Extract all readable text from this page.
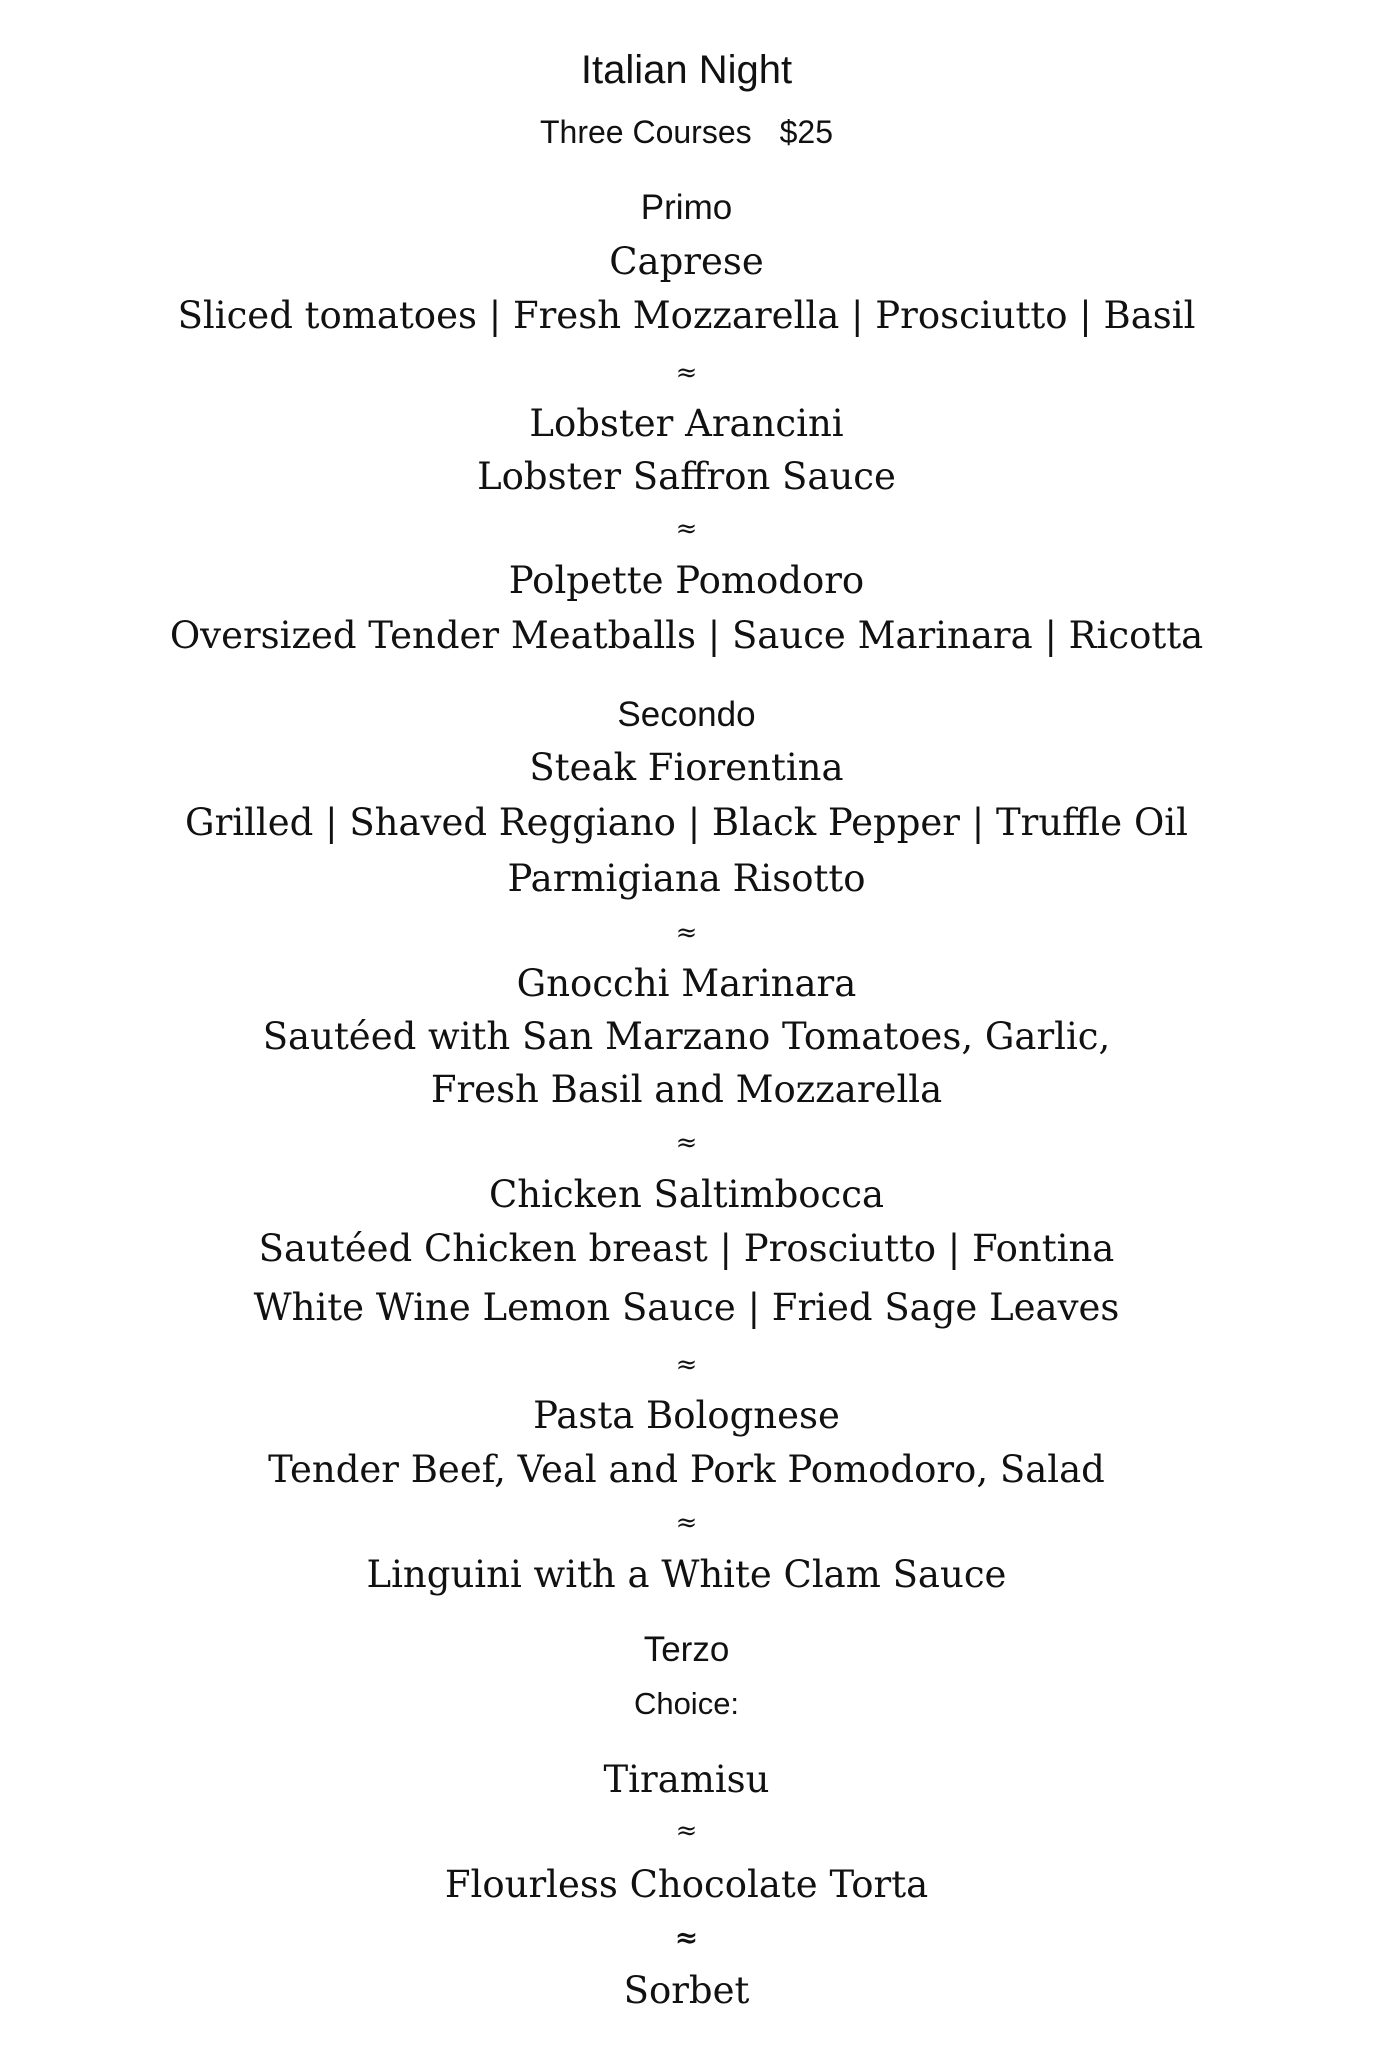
Italian Night
Three Courses $25
Primo
Caprese
Sliced tomatoes | Fresh Mozzarella | Prosciutto | Basil
≈
Lobster Arancini
Lobster Saffron Sauce
≈
Polpette Pomodoro
Oversized Tender Meatballs | Sauce Marinara | Ricotta
Secondo
Steak Fiorentina
Grilled | Shaved Reggiano | Black Pepper | Truffle Oil
Parmigiana Risotto
≈
Gnocchi Marinara
Sautéed with San Marzano Tomatoes, Garlic,
Fresh Basil and Mozzarella
≈
Chicken Saltimbocca
Sautéed Chicken breast | Prosciutto | Fontina
White Wine Lemon Sauce | Fried Sage Leaves
≈
Pasta Bolognese
Tender Beef, Veal and Pork Pomodoro, Salad
≈
Linguini with a White Clam Sauce
Terzo
Choice:
Tiramisu
≈
Flourless Chocolate Torta
≈
Sorbet
